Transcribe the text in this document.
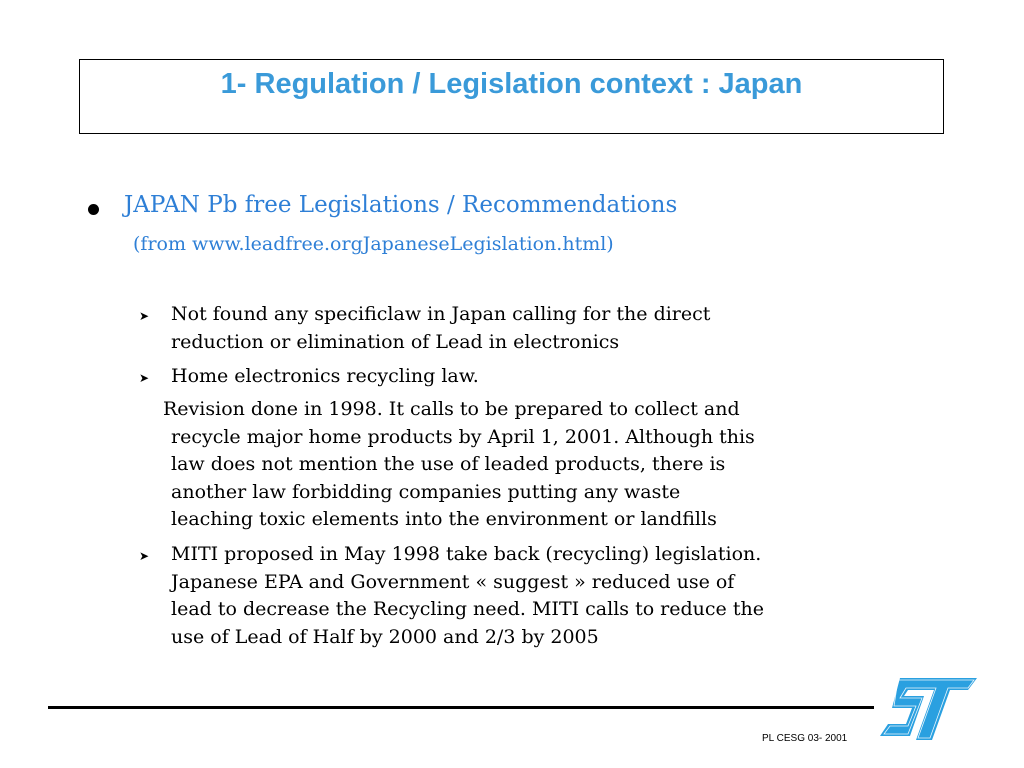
1- Regulation / Legislation context : Japan

JAPAN Pb free Legislations / Recommendations

(from www.leadfree.orgJapaneseLegislation.html)

➤ Not found any specificlaw in Japan calling for the direct
reduction or elimination of Lead in electronics
➤ Home electronics recycling law.
Revision done in 1998. It calls to be prepared to collect and
recycle major home products by April 1, 2001. Although this
law does not mention the use of leaded products, there is
another law forbidding companies putting any waste
leaching toxic elements into the environment or landfills
➤ MITI proposed in May 1998 take back (recycling) legislation.
Japanese EPA and Government « suggest » reduced use of
lead to decrease the Recycling need. MITI calls to reduce the
use of Lead of Half by 2000 and 2/3 by 2005
PL CESG 03- 2001
